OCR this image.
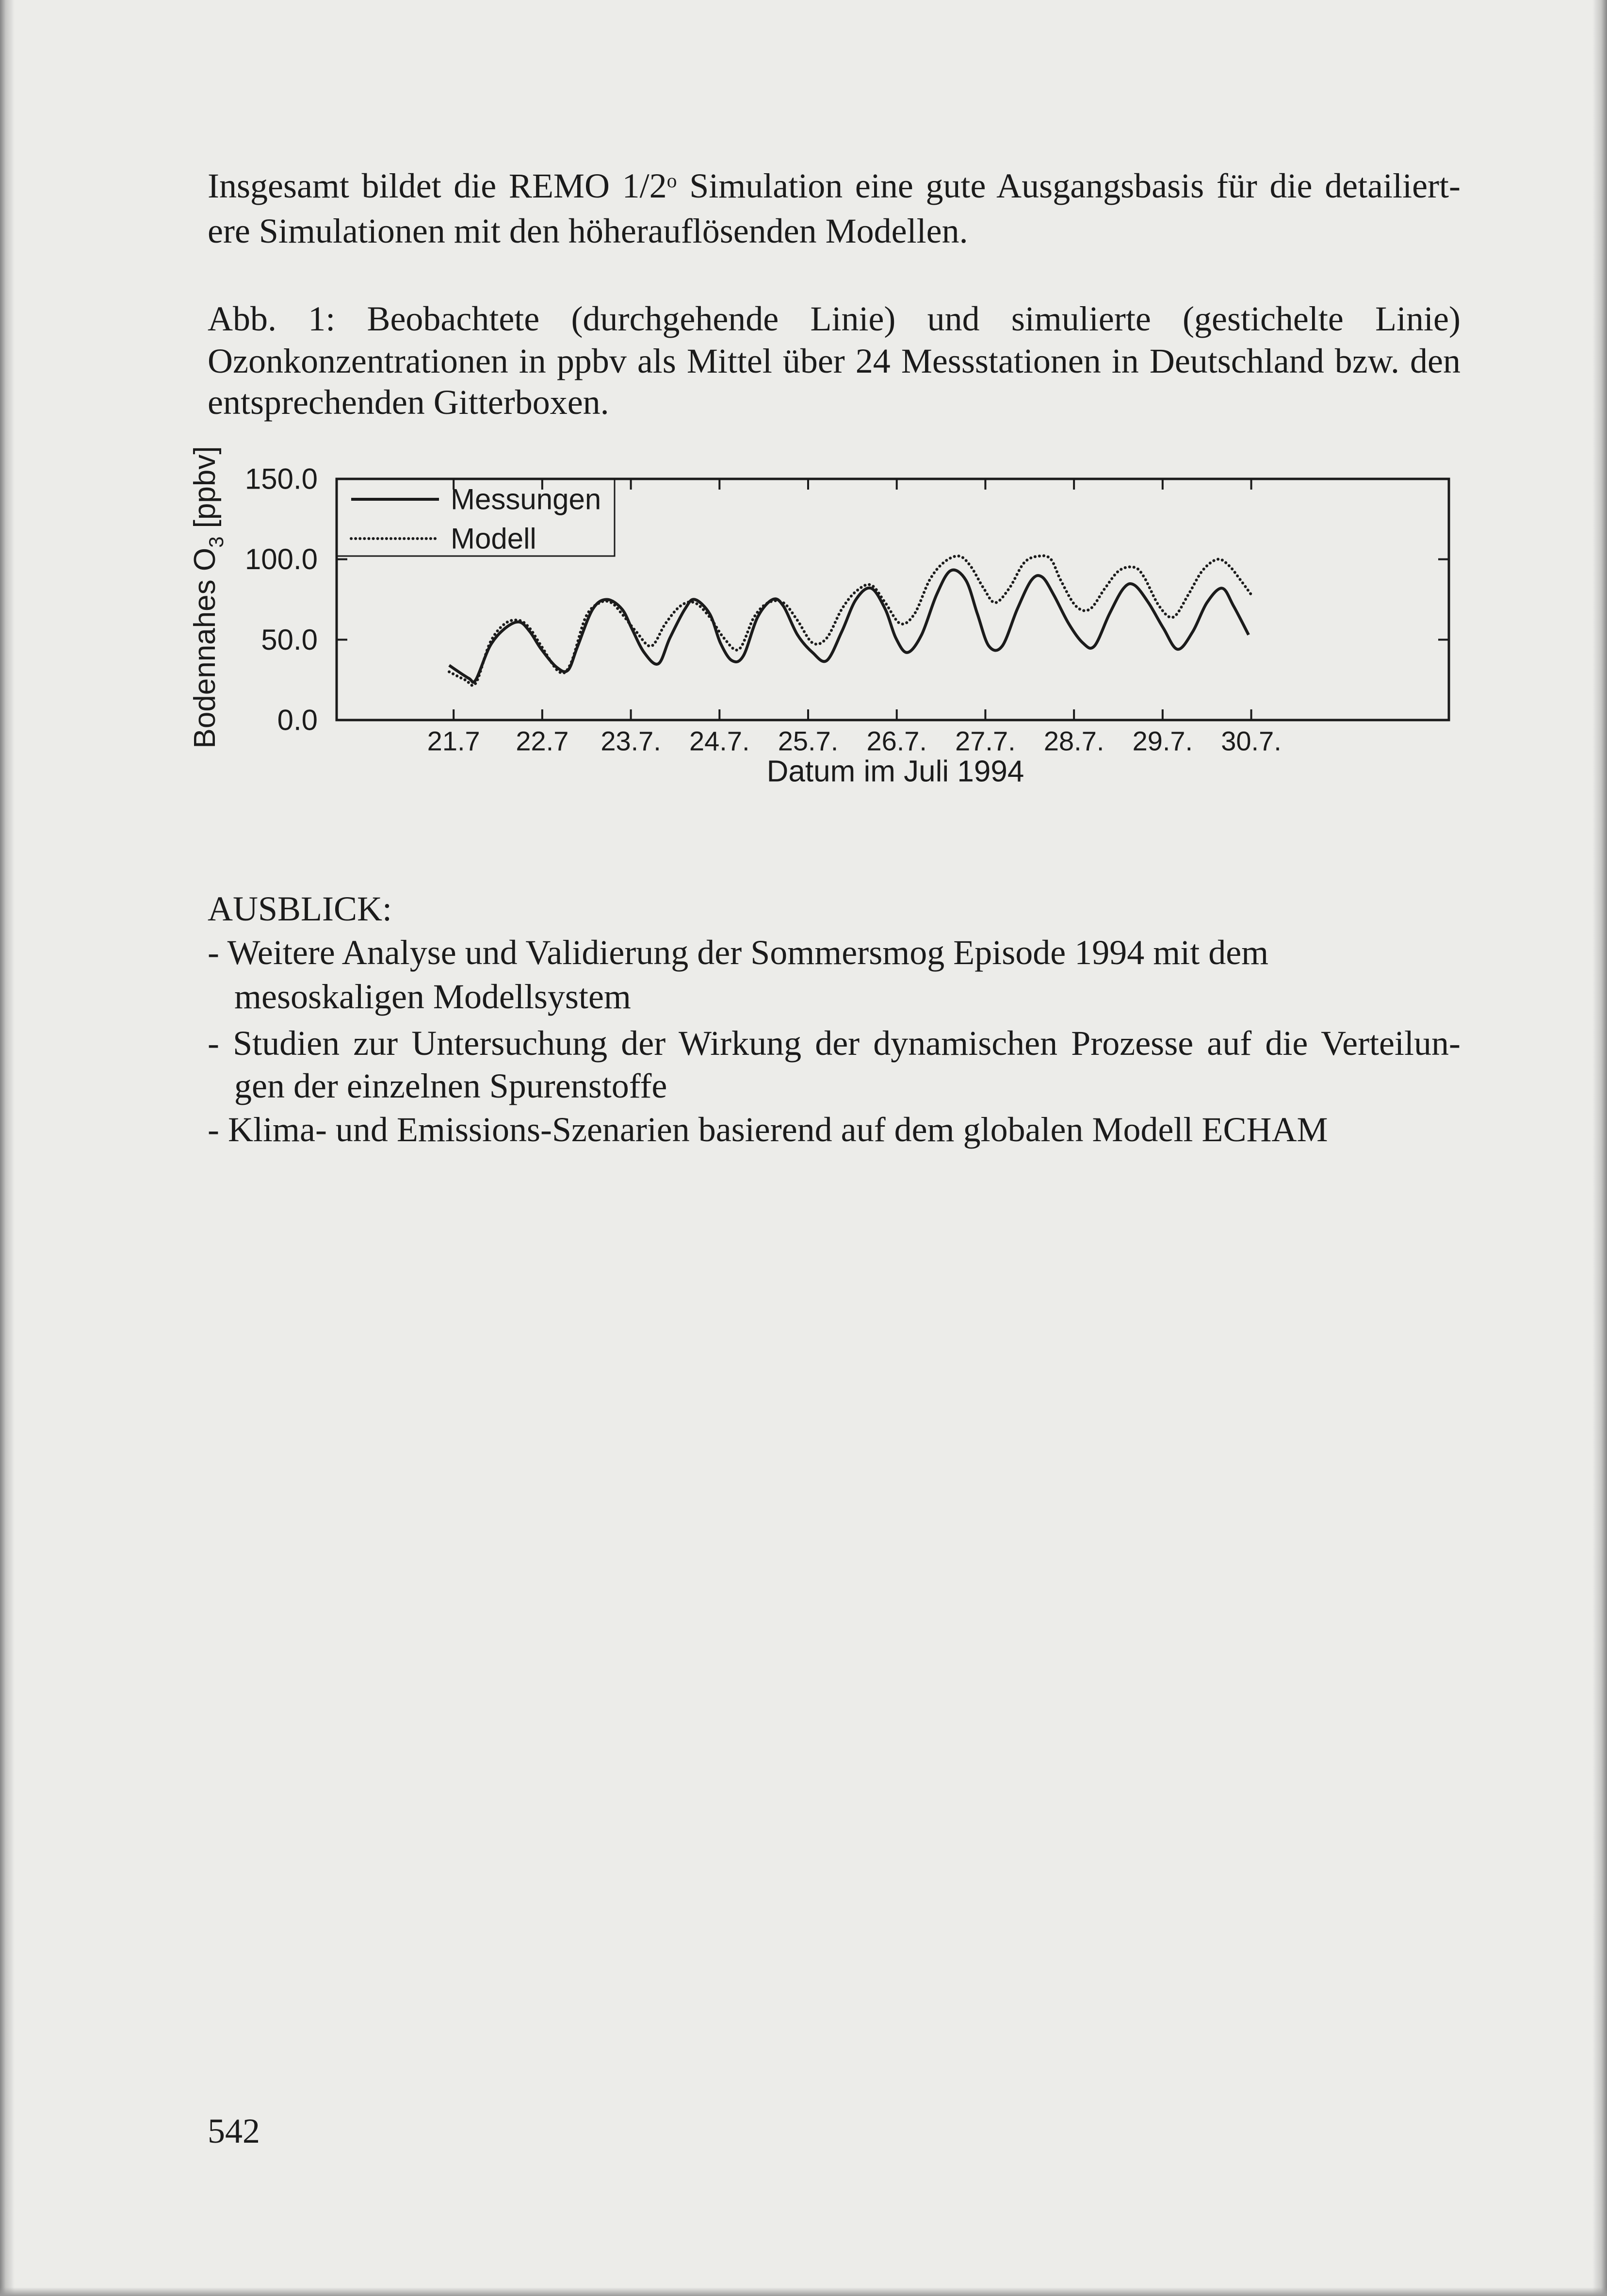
Insgesamt bildet die REMO 1/2$^o$ Simulation eine gute Ausgangsbasis für die detailiert-
ere Simulationen mit den höherauflösenden Modellen.
Abb. 1: Beobachtete (durchgehende Linie) und simulierte (gestichelte Linie)
Ozonkonzentrationen in ppbv als Mittel über 24 Messstationen in Deutschland bzw. den
entsprechenden Gitterboxen.
21.7 22.7 23.7. 24.7. 25.7. 26.7. 27.7. 28.7. 29.7. 30.7.
0.0
50.0
100.0
150.0
Messungen
Modell
Datum im Juli 1994
Bodennahes $O_3$ [ppbv]
AUSBLICK:
- Weitere Analyse und Validierung der Sommersmog Episode 1994 mit dem
mesoskaligen Modellsystem
- Studien zur Untersuchung der Wirkung der dynamischen Prozesse auf die Verteilun-
gen der einzelnen Spurenstoffe
- Klima- und Emissions-Szenarien basierend auf dem globalen Modell ECHAM
542
